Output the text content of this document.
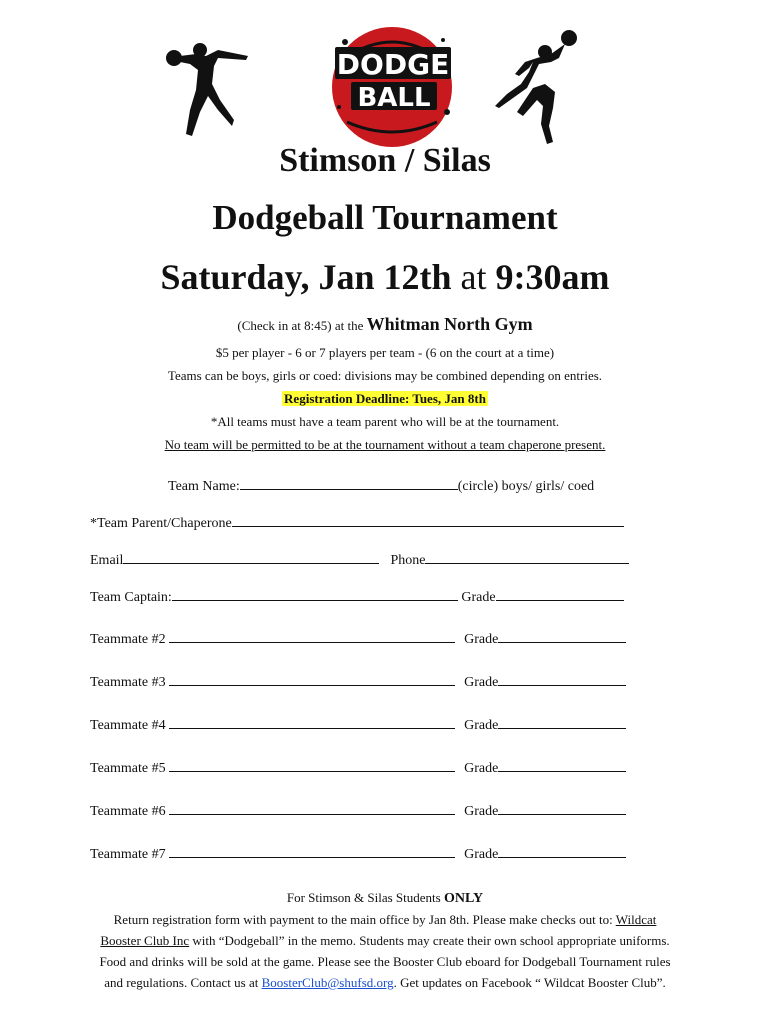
DODGE
BALL
Stimson / Silas
Dodgeball Tournament
Saturday, Jan 12th at 9:30am
(Check in at 8:45) at the Whitman North Gym
$5 per player - 6 or 7 players per team - (6 on the court at a time)
Teams can be boys, girls or coed: divisions may be combined depending on entries.
Registration Deadline: Tues, Jan 8th
*All teams must have a team parent who will be at the tournament.
No team will be permitted to be at the tournament without a team chaperone present.
Team Name:	(circle) boys/ girls/ coed
*Team Parent/Chaperone
Email	Phone
Team Captain:	Grade
Teammate #2	Grade
Teammate #3	Grade
Teammate #4	Grade
Teammate #5	Grade
Teammate #6	Grade
Teammate #7	Grade
For Stimson & Silas Students ONLY
Return registration form with payment to the main office by Jan 8th. Please make checks out to: Wildcat
Booster Club Inc with “Dodgeball” in the memo. Students may create their own school appropriate uniforms.
Food and drinks will be sold at the game. Please see the Booster Club eboard for Dodgeball Tournament rules
and regulations. Contact us at BoosterClub@shufsd.org. Get updates on Facebook “ Wildcat Booster Club”.
